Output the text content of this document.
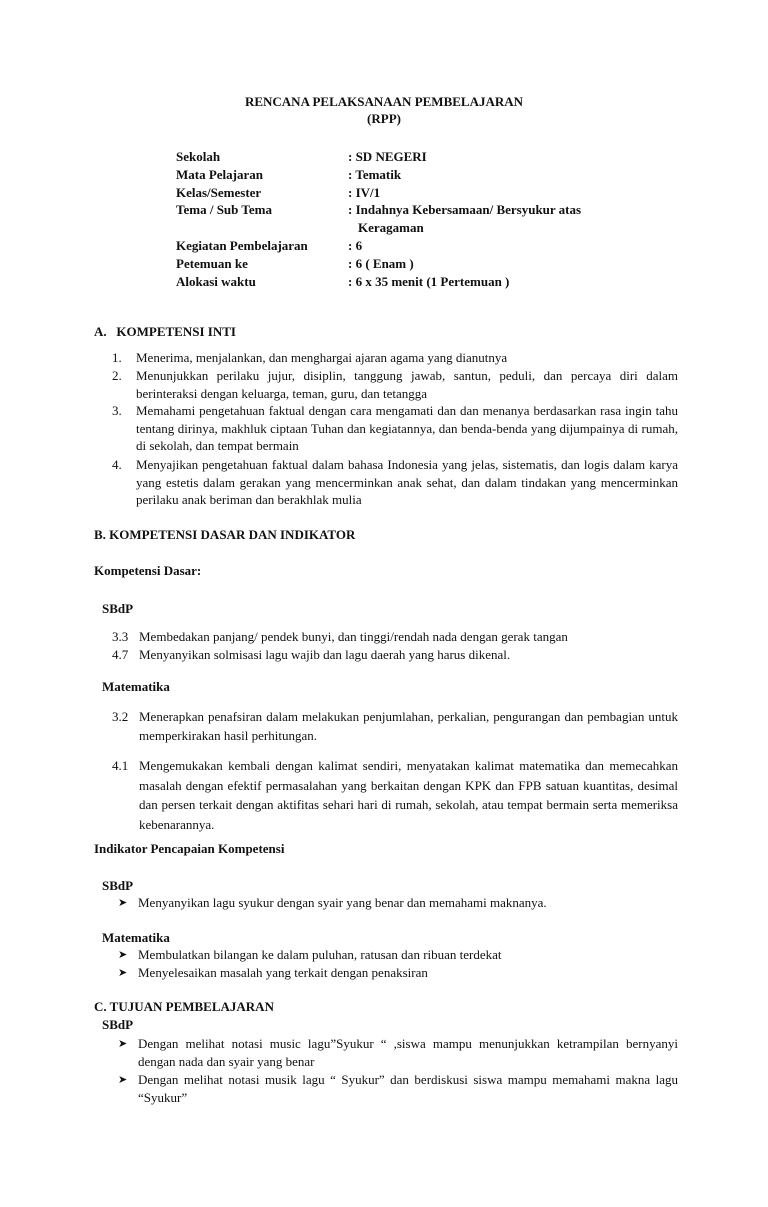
RENCANA PELAKSANAAN PEMBELAJARAN
(RPP)
Sekolah	: SD NEGERI
Mata Pelajaran	: Tematik
Kelas/Semester	: IV/1
Tema / Sub Tema	: Indahnya Kebersamaan/ Bersyukur atas
Keragaman
Kegiatan Pembelajaran	: 6
Petemuan ke	: 6 ( Enam )
Alokasi waktu	: 6 x 35 menit (1 Pertemuan )
A.   KOMPETENSI INTI
1. Menerima, menjalankan, dan menghargai ajaran agama yang dianutnya
2. Menunjukkan perilaku jujur, disiplin, tanggung jawab, santun, peduli, dan percaya diri dalam berinteraksi dengan keluarga, teman, guru, dan tetangga
3. Memahami pengetahuan faktual dengan cara mengamati dan dan menanya berdasarkan rasa ingin tahu tentang dirinya, makhluk ciptaan Tuhan dan kegiatannya, dan benda-benda yang dijumpainya di rumah, di sekolah, dan tempat bermain
4. Menyajikan pengetahuan faktual dalam bahasa Indonesia yang jelas, sistematis, dan logis dalam karya yang estetis dalam gerakan yang mencerminkan anak sehat, dan dalam tindakan yang mencerminkan perilaku anak beriman dan berakhlak mulia
B. KOMPETENSI DASAR DAN INDIKATOR
Kompetensi Dasar:
SBdP
3.3 Membedakan panjang/ pendek bunyi, dan tinggi/rendah nada dengan gerak tangan
4.7 Menyanyikan solmisasi lagu wajib dan lagu daerah yang harus dikenal.
Matematika
3.2 Menerapkan penafsiran dalam melakukan penjumlahan, perkalian, pengurangan dan pembagian untuk memperkirakan hasil perhitungan.
4.1 Mengemukakan kembali dengan kalimat sendiri, menyatakan kalimat matematika dan memecahkan masalah dengan efektif permasalahan yang berkaitan dengan KPK dan FPB satuan kuantitas, desimal dan persen terkait dengan aktifitas sehari hari di rumah, sekolah, atau tempat bermain serta memeriksa kebenarannya.
Indikator Pencapaian Kompetensi
SBdP
➤ Menyanyikan lagu syukur dengan syair yang benar dan memahami maknanya.
Matematika
➤ Membulatkan bilangan ke dalam puluhan, ratusan dan ribuan terdekat
➤ Menyelesaikan masalah yang terkait dengan penaksiran
C. TUJUAN PEMBELAJARAN
SBdP
➤ Dengan melihat notasi music lagu”Syukur “ ,siswa mampu menunjukkan ketrampilan bernyanyi dengan nada dan syair yang benar
➤ Dengan melihat notasi musik lagu “ Syukur” dan berdiskusi siswa mampu memahami makna lagu “Syukur”
